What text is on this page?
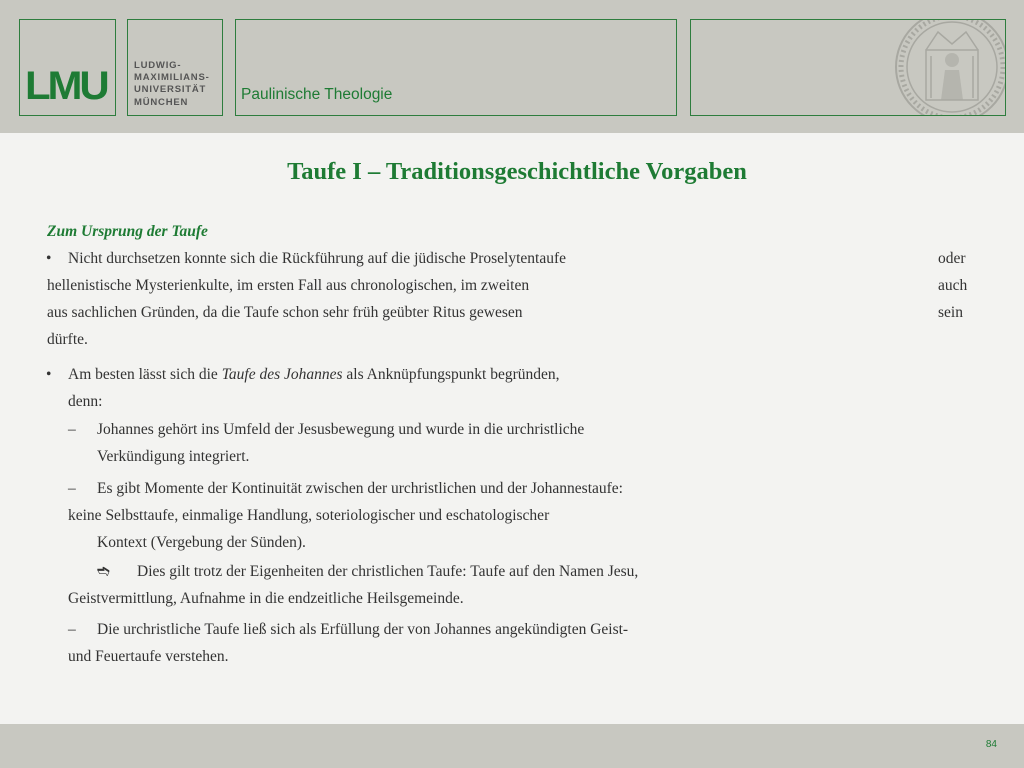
LMU	LUDWIG-
MAXIMILIANS-
UNIVERSITÄT
MÜNCHEN	Paulinische Theologie
Taufe I – Traditionsgeschichtliche Vorgaben
Zum Ursprung der Taufe
• Nicht durchsetzen konnte sich die Rückführung auf die jüdische Proselytentaufe	oder
hellenistische Mysterienkulte, im ersten Fall aus chronologischen, im zweiten	auch
aus sachlichen Gründen, da die Taufe schon sehr früh geübter Ritus gewesen	sein
dürfte.
• Am besten lässt sich die Taufe des Johannes als Anknüpfungspunkt begründen,
denn:
– Johannes gehört ins Umfeld der Jesusbewegung und wurde in die urchristliche
Verkündigung integriert.
– Es gibt Momente der Kontinuität zwischen der urchristlichen und der Johannestaufe:
keine Selbsttaufe, einmalige Handlung, soteriologischer und eschatologischer
Kontext (Vergebung der Sünden).
➬ Dies gilt trotz der Eigenheiten der christlichen Taufe: Taufe auf den Namen Jesu,
Geistvermittlung, Aufnahme in die endzeitliche Heilsgemeinde.
– Die urchristliche Taufe ließ sich als Erfüllung der von Johannes angekündigten Geist-
und Feuertaufe verstehen.
84
